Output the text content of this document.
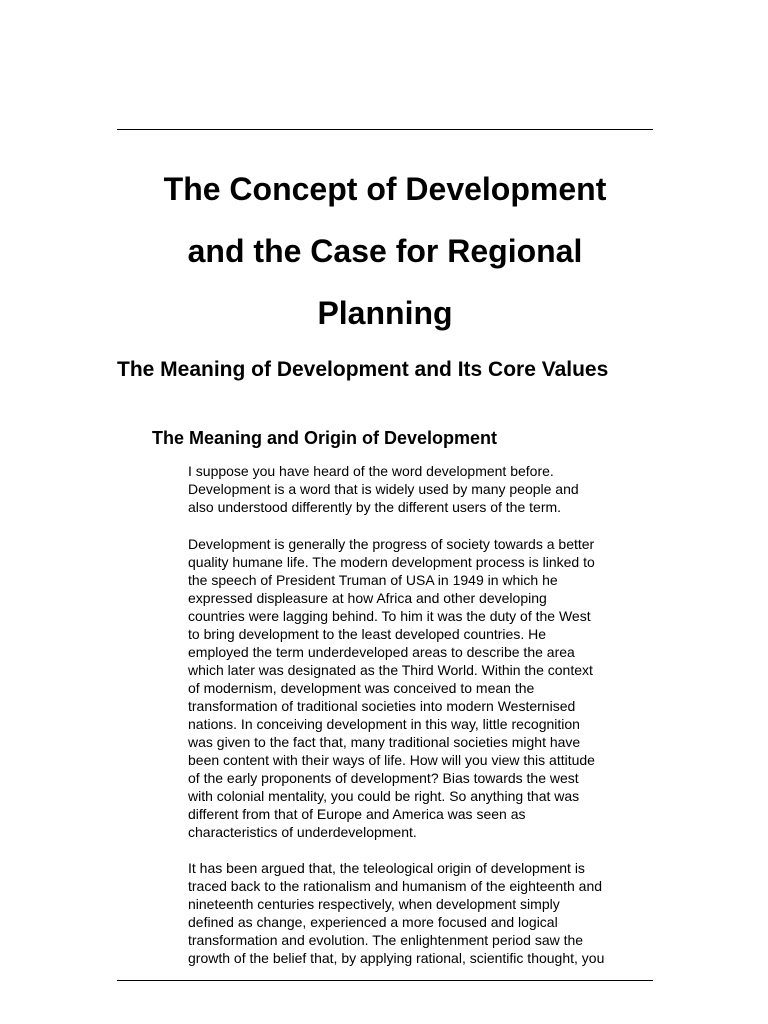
The Concept of Development
and the Case for Regional
Planning
The Meaning of Development and Its Core Values
The Meaning and Origin of Development
I suppose you have heard of the word development before.
Development is a word that is widely used by many people and
also understood differently by the different users of the term.
Development is generally the progress of society towards a better
quality humane life. The modern development process is linked to
the speech of President Truman of USA in 1949 in which he
expressed displeasure at how Africa and other developing
countries were lagging behind. To him it was the duty of the West
to bring development to the least developed countries. He
employed the term underdeveloped areas to describe the area
which later was designated as the Third World. Within the context
of modernism, development was conceived to mean the
transformation of traditional societies into modern Westernised
nations. In conceiving development in this way, little recognition
was given to the fact that, many traditional societies might have
been content with their ways of life. How will you view this attitude
of the early proponents of development? Bias towards the west
with colonial mentality, you could be right. So anything that was
different from that of Europe and America was seen as
characteristics of underdevelopment.
It has been argued that, the teleological origin of development is
traced back to the rationalism and humanism of the eighteenth and
nineteenth centuries respectively, when development simply
defined as change, experienced a more focused and logical
transformation and evolution. The enlightenment period saw the
growth of the belief that, by applying rational, scientific thought, you
